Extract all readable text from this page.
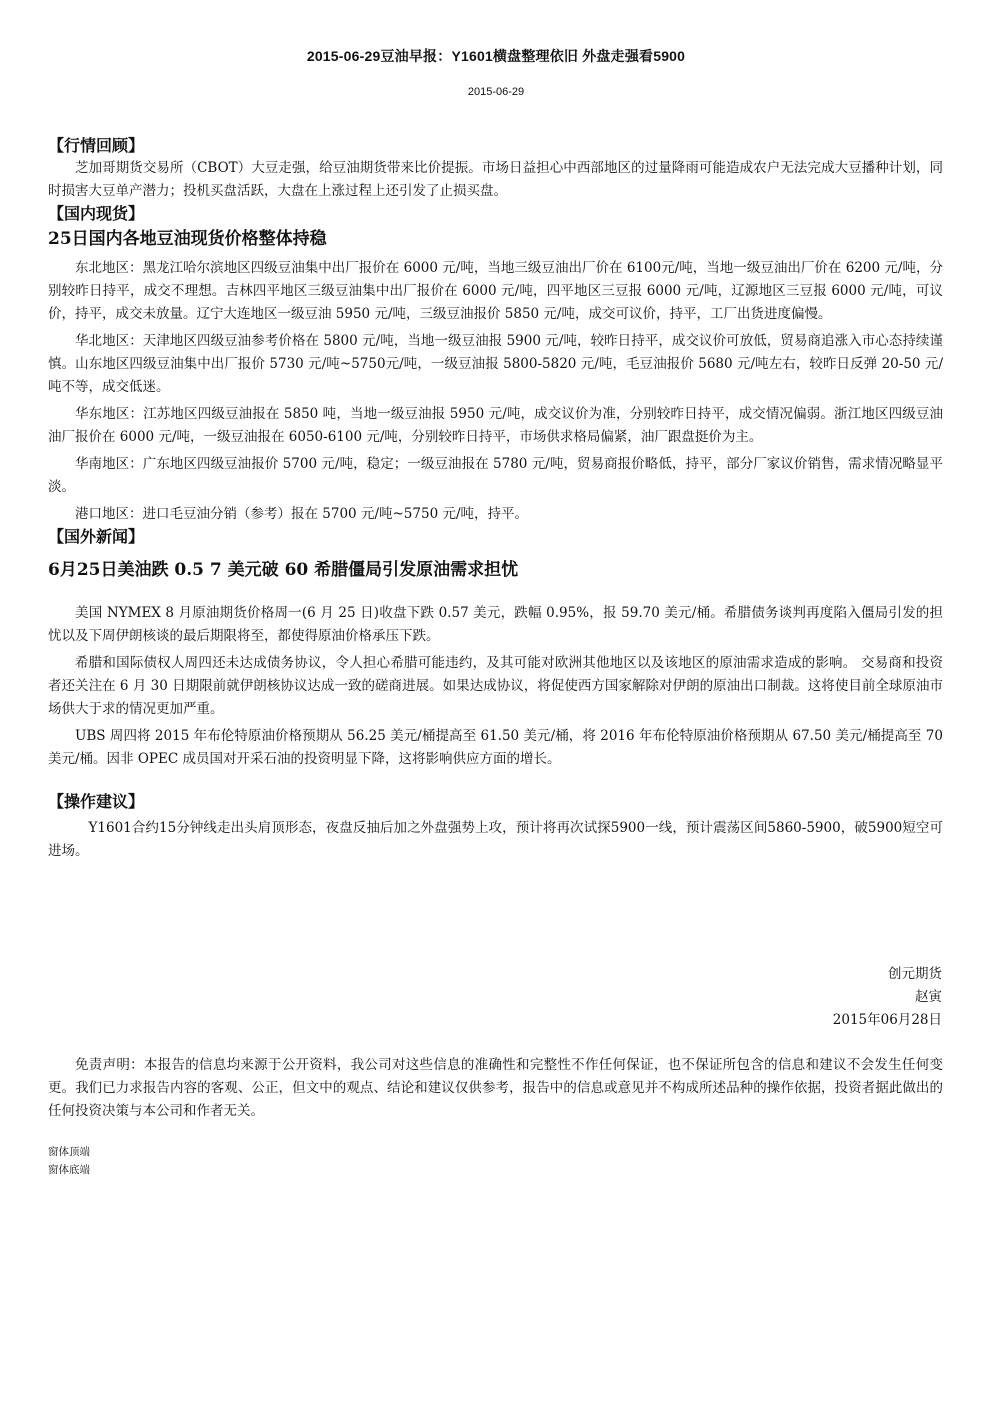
2015-06-29豆油早报：Y1601横盘整理依旧 外盘走强看5900
2015-06-29
【行情回顾】

芝加哥期货交易所（CBOT）大豆走强，给豆油期货带来比价提振。市场日益担心中西部地区的过量降雨可能造成农户无法完成大豆播种计划，同时损害大豆单产潜力；投机买盘活跃，大盘在上涨过程上还引发了止损买盘。

【国内现货】
25日国内各地豆油现货价格整体持稳

东北地区：黑龙江哈尔滨地区四级豆油集中出厂报价在 6000 元/吨，当地三级豆油出厂价在 6100元/吨，当地一级豆油出厂价在 6200 元/吨，分别较昨日持平，成交不理想。吉林四平地区三级豆油集中出厂报价在 6000 元/吨，四平地区三豆报 6000 元/吨，辽源地区三豆报 6000 元/吨，可议价，持平，成交未放量。辽宁大连地区一级豆油 5950 元/吨，三级豆油报价 5850 元/吨，成交可议价，持平，工厂出货进度偏慢。

华北地区：天津地区四级豆油参考价格在 5800 元/吨，当地一级豆油报 5900 元/吨，较昨日持平，成交议价可放低，贸易商追涨入市心态持续谨慎。山东地区四级豆油集中出厂报价 5730 元/吨~5750元/吨，一级豆油报 5800-5820 元/吨，毛豆油报价 5680 元/吨左右，较昨日反弹 20-50 元/吨不等，成交低迷。

华东地区：江苏地区四级豆油报在 5850 吨，当地一级豆油报 5950 元/吨，成交议价为准，分别较昨日持平，成交情况偏弱。浙江地区四级豆油油厂报价在 6000 元/吨，一级豆油报在 6050-6100 元/吨，分别较昨日持平，市场供求格局偏紧，油厂跟盘挺价为主。

华南地区：广东地区四级豆油报价 5700 元/吨，稳定；一级豆油报在 5780 元/吨，贸易商报价略低，持平，部分厂家议价销售，需求情况略显平淡。

港口地区：进口毛豆油分销（参考）报在 5700 元/吨~5750 元/吨，持平。

【国外新闻】
6月25日美油跌 0.5 7 美元破 60 希腊僵局引发原油需求担忧

美国 NYMEX 8 月原油期货价格周一(6 月 25 日)收盘下跌 0.57 美元，跌幅 0.95%，报 59.70 美元/桶。希腊债务谈判再度陷入僵局引发的担忧以及下周伊朗核谈的最后期限将至，都使得原油价格承压下跌。

希腊和国际债权人周四还未达成债务协议，令人担心希腊可能违约，及其可能对欧洲其他地区以及该地区的原油需求造成的影响。 交易商和投资者还关注在 6 月 30 日期限前就伊朗核协议达成一致的磋商进展。如果达成协议，将促使西方国家解除对伊朗的原油出口制裁。这将使目前全球原油市场供大于求的情况更加严重。

UBS 周四将 2015 年布伦特原油价格预期从 56.25 美元/桶提高至 61.50 美元/桶，将 2016 年布伦特原油价格预期从 67.50 美元/桶提高至 70 美元/桶。因非 OPEC 成员国对开采石油的投资明显下降，这将影响供应方面的增长。

【操作建议】

Y1601合约15分钟线走出头肩顶形态，夜盘反抽后加之外盘强势上攻，预计将再次试探5900一线，预计震荡区间5860-5900，破5900短空可进场。

创元期货
赵寅
2015年06月28日
免责声明：本报告的信息均来源于公开资料，我公司对这些信息的准确性和完整性不作任何保证，也不保证所包含的信息和建议不会发生任何变更。我们已力求报告内容的客观、公正，但文中的观点、结论和建议仅供参考，报告中的信息或意见并不构成所述品种的操作依据，投资者据此做出的任何投资决策与本公司和作者无关。
窗体顶端
窗体底端
